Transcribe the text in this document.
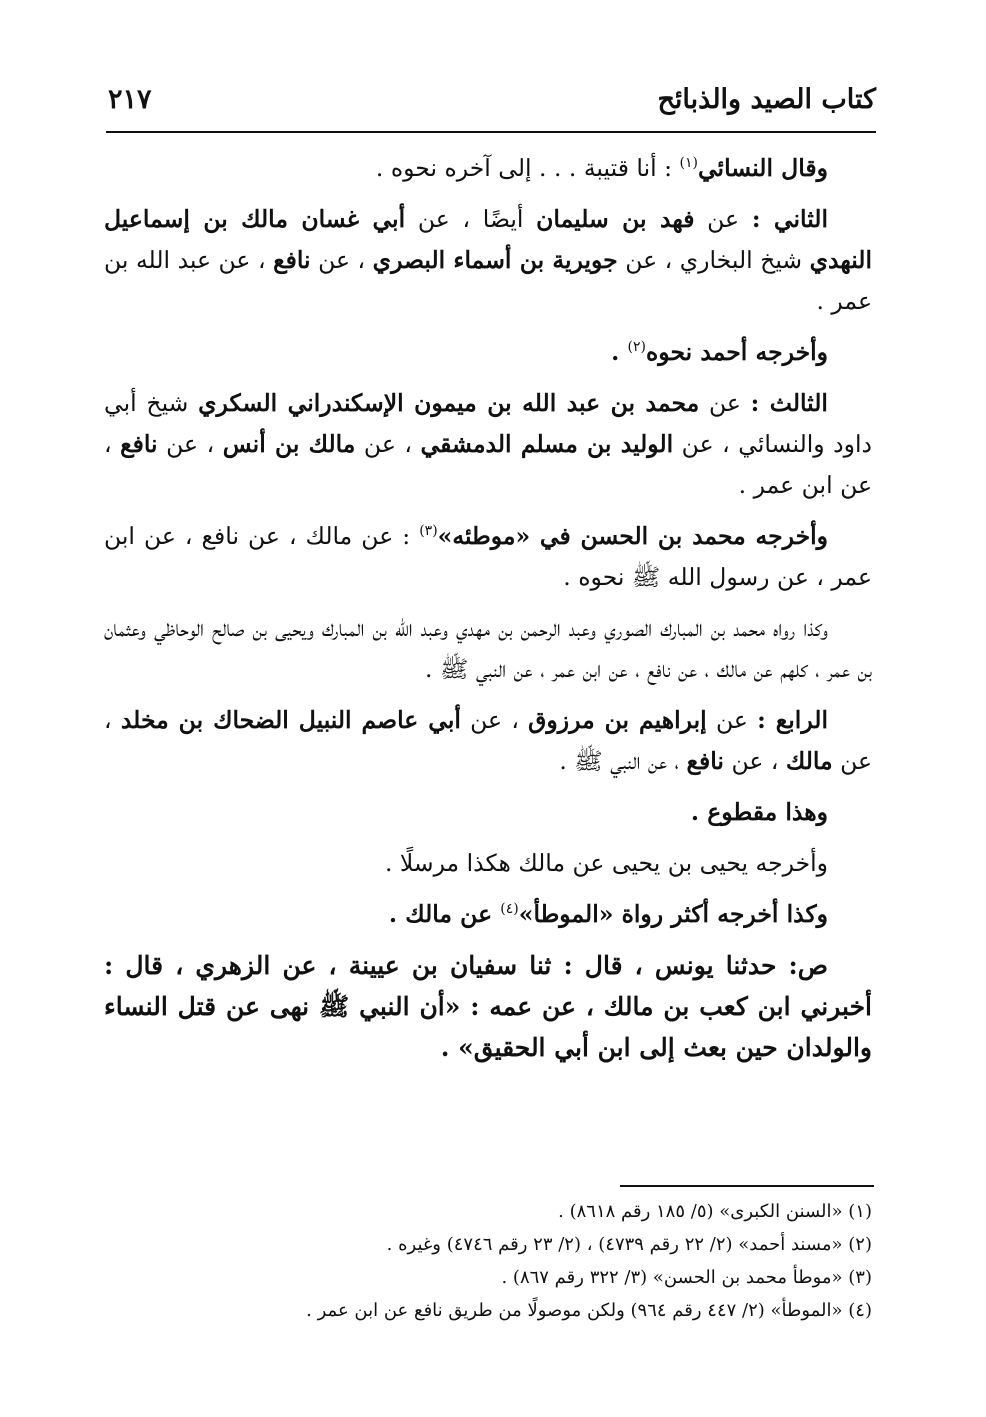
كتاب الصيد والذبائح
٢١٧

وقال النسائي$^{(١)}$ : أنا قتيبة . . . إلى آخره نحوه .

الثاني : عن فهد بن سليمان أيضًا ، عن أبي غسان مالك بن إسماعيل النهدي شيخ البخاري ، عن جويرية بن أسماء البصري ، عن نافع ، عن عبد الله بن عمر .

وأخرجه أحمد نحوه$^{(٢)}$ .

الثالث : عن محمد بن عبد الله بن ميمون الإسكندراني السكري شيخ أبي داود والنسائي ، عن الوليد بن مسلم الدمشقي ، عن مالك بن أنس ، عن نافع ، عن ابن عمر .

وأخرجه محمد بن الحسن في «موطئه»$^{(٣)}$ : عن مالك ، عن نافع ، عن ابن عمر ، عن رسول الله ﷺ نحوه .

وكذا رواه محمد بن المبارك الصوري وعبد الرحمن بن مهدي وعبد الله بن المبارك ويحيى بن صالح الوحاظي وعثمان بن عمر ، كلهم عن مالك ، عن نافع ، عن ابن عمر ، عن النبي ﷺ .

الرابع : عن إبراهيم بن مرزوق ، عن أبي عاصم النبيل الضحاك بن مخلد ، عن مالك ، عن نافع ، عن النبي ﷺ .

وهذا مقطوع .

وأخرجه يحيى بن يحيى عن مالك هكذا مرسلًا .

وكذا أخرجه أكثر رواة «الموطأ»$^{(٤)}$ عن مالك .

ص: حدثنا يونس ، قال : ثنا سفيان بن عيينة ، عن الزهري ، قال : أخبرني ابن كعب بن مالك ، عن عمه : «أن النبي ﷺ نهى عن قتل النساء والولدان حين بعث إلى ابن أبي الحقيق» .

(١) «السنن الكبرى» (٥/ ١٨٥ رقم ٨٦١٨) .

(٢) «مسند أحمد» (٢/ ٢٢ رقم ٤٧٣٩) ، (٢/ ٢٣ رقم ٤٧٤٦) وغيره .

(٣) «موطأ محمد بن الحسن» (٣/ ٣٢٢ رقم ٨٦٧) .

(٤) «الموطأ» (٢/ ٤٤٧ رقم ٩٦٤) ولكن موصولًا من طريق نافع عن ابن عمر .
